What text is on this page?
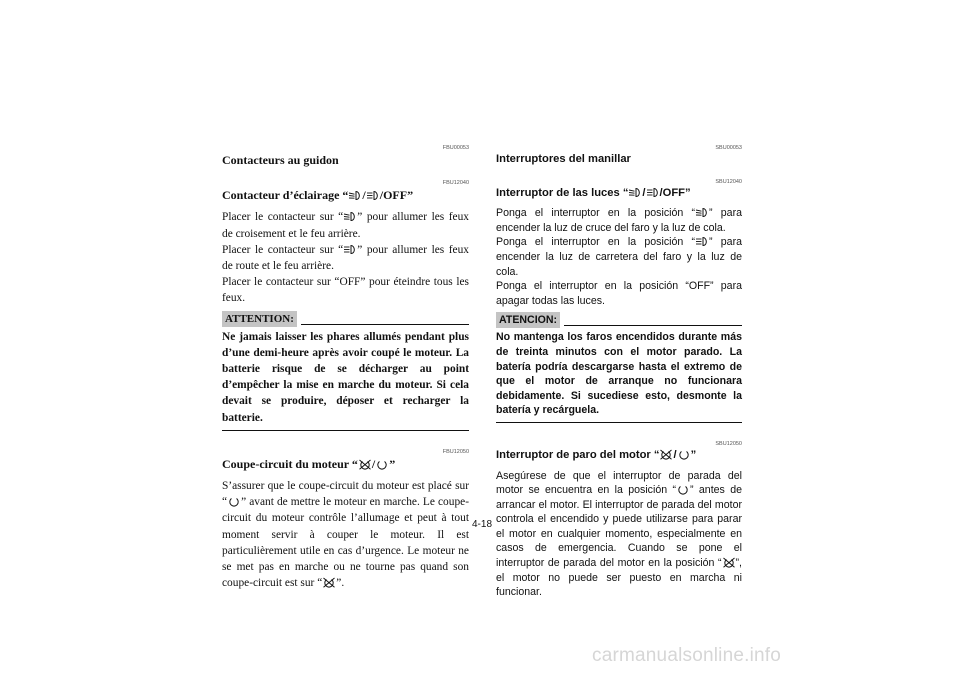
FBU00053
Contacteurs au guidon
FBU12040
Contacteur d’éclairage “ / /OFF”

Placer le contacteur sur “ ” pour allumer les feux de croisement et le feu arrière.

Placer le contacteur sur “ ” pour allumer les feux de route et le feu arrière.

Placer le contacteur sur “OFF” pour éteindre tous les feux.

ATTENTION:
Ne jamais laisser les phares allumés pendant plus d’une demi-heure après avoir coupé le moteur. La batterie risque de se décharger au point d’empêcher la mise en marche du moteur. Si cela devait se produire, déposer et recharger la batterie.
FBU12050
Coupe-circuit du moteur “ / ”

S’assurer que le coupe-circuit du moteur est placé sur “ ” avant de mettre le moteur en marche. Le coupe-circuit du moteur contrôle l’allumage et peut à tout moment servir à couper le moteur. Il est particulièrement utile en cas d’urgence. Le moteur ne se met pas en marche ou ne tourne pas quand son coupe-circuit est sur “ ”.

SBU00053
Interruptores del manillar
SBU12040
Interruptor de las luces “ / /OFF”

Ponga el interruptor en la posición “ ” para encender la luz de cruce del faro y la luz de cola.

Ponga el interruptor en la posición “ ” para encender la luz de carretera del faro y la luz de cola.

Ponga el interruptor en la posición “OFF” para apagar todas las luces.

ATENCION:
No mantenga los faros encendidos durante más de treinta minutos con el motor parado. La batería podría descargarse hasta el extremo de que el motor de arranque no funcionara debidamente. Si sucediese esto, desmonte la batería y recárguela.
SBU12050
Interruptor de paro del motor “ / ”

Asegúrese de que el interruptor de parada del motor se encuentra en la posición “ ” antes de arrancar el motor. El interruptor de parada del motor controla el encendido y puede utilizarse para parar el motor en cualquier momento, especialmente en casos de emergencia. Cuando se pone el interruptor de parada del motor en la posición “ ”, el motor no puede ser puesto en marcha ni funcionar.

4-18
carmanualsonline.info
